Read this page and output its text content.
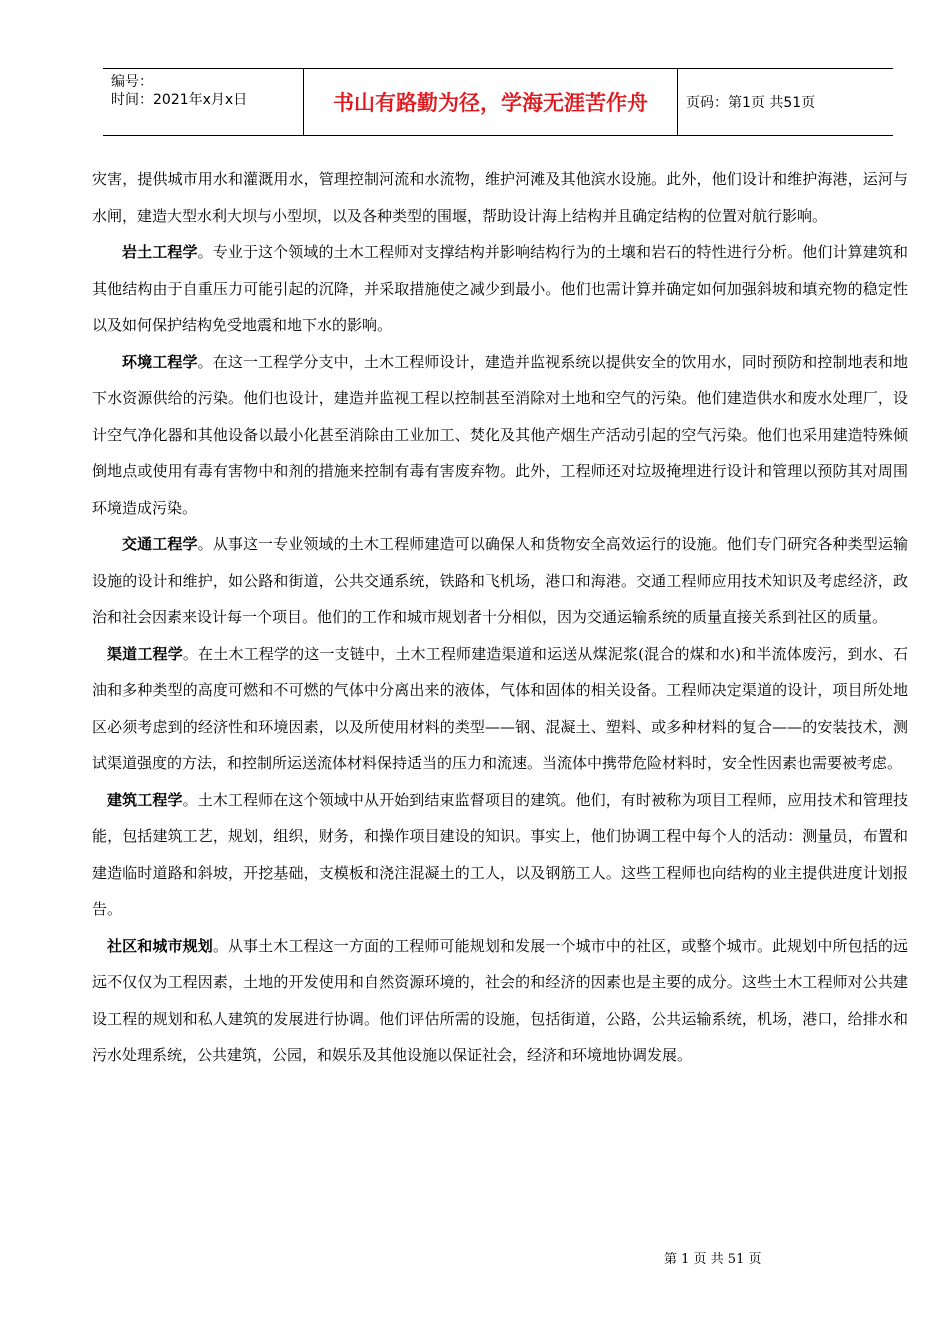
编号：
时间：2021年x月x日	书山有路勤为径，学海无涯苦作舟	页码：第1页 共51页

灾害，提供城市用水和灌溉用水，管理控制河流和水流物，维护河滩及其他滨水设施。此外，他们设计和维护海港，运河与水闸，建造大型水利大坝与小型坝，以及各种类型的围堰，帮助设计海上结构并且确定结构的位置对航行影响。

岩土工程学。专业于这个领域的土木工程师对支撑结构并影响结构行为的土壤和岩石的特性进行分析。他们计算建筑和其他结构由于自重压力可能引起的沉降，并采取措施使之减少到最小。他们也需计算并确定如何加强斜坡和填充物的稳定性以及如何保护结构免受地震和地下水的影响。

环境工程学。在这一工程学分支中，土木工程师设计，建造并监视系统以提供安全的饮用水，同时预防和控制地表和地下水资源供给的污染。他们也设计，建造并监视工程以控制甚至消除对土地和空气的污染。他们建造供水和废水处理厂，设计空气净化器和其他设备以最小化甚至消除由工业加工、焚化及其他产烟生产活动引起的空气污染。他们也采用建造特殊倾倒地点或使用有毒有害物中和剂的措施来控制有毒有害废弃物。此外，工程师还对垃圾掩埋进行设计和管理以预防其对周围环境造成污染。

交通工程学。从事这一专业领域的土木工程师建造可以确保人和货物安全高效运行的设施。他们专门研究各种类型运输设施的设计和维护，如公路和街道，公共交通系统，铁路和飞机场，港口和海港。交通工程师应用技术知识及考虑经济，政治和社会因素来设计每一个项目。他们的工作和城市规划者十分相似，因为交通运输系统的质量直接关系到社区的质量。

渠道工程学。在土木工程学的这一支链中，土木工程师建造渠道和运送从煤泥浆(混合的煤和水)和半流体废污，到水、石油和多种类型的高度可燃和不可燃的气体中分离出来的液体，气体和固体的相关设备。工程师决定渠道的设计，项目所处地区必须考虑到的经济性和环境因素，以及所使用材料的类型——钢、混凝土、塑料、或多种材料的复合——的安装技术，测试渠道强度的方法，和控制所运送流体材料保持适当的压力和流速。当流体中携带危险材料时，安全性因素也需要被考虑。

建筑工程学。土木工程师在这个领域中从开始到结束监督项目的建筑。他们，有时被称为项目工程师，应用技术和管理技能，包括建筑工艺，规划，组织，财务，和操作项目建设的知识。事实上，他们协调工程中每个人的活动：测量员，布置和建造临时道路和斜坡，开挖基础，支模板和浇注混凝土的工人，以及钢筋工人。这些工程师也向结构的业主提供进度计划报告。

社区和城市规划。从事土木工程这一方面的工程师可能规划和发展一个城市中的社区，或整个城市。此规划中所包括的远远不仅仅为工程因素，土地的开发使用和自然资源环境的，社会的和经济的因素也是主要的成分。这些土木工程师对公共建设工程的规划和私人建筑的发展进行协调。他们评估所需的设施，包括街道，公路，公共运输系统，机场，港口，给排水和污水处理系统，公共建筑，公园，和娱乐及其他设施以保证社会，经济和环境地协调发展。

第 1 页 共 51 页
